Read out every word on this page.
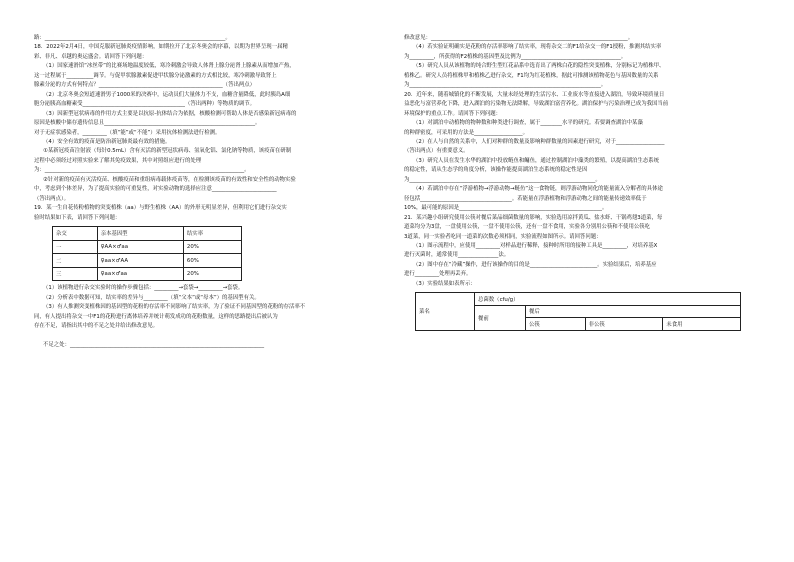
路：___________________________________________________________________。
18．2022年2月4日，中国克服新冠肺炎疫情影响，如期拉开了北京冬奥会的序幕，以期为世界呈现一届精
彩、非凡、卓越的奥运盛会。请回答下列问题：
（1）国家速滑馆“冰丝带”的比赛场地温度较低，寒冷刺激会导致人体肾上腺分泌肾上腺素从而增加产热，
这一过程属于__________调节。与促甲状腺激素促进甲状腺分泌激素的方式相比较，寒冷刺激导致肾上
腺素分泌的方式有何特点？______________________________________________（答出两点）
（2）北京冬奥会短道速滑男子1000米的决赛中，运动员们大量体力不支，血糖含量降低，此时胰岛A细
胞分泌胰高血糖素受______________________________________（答出两种）等物质的调节。
（3）因新型冠状病毒的作用方式主要是以抗原-抗体结合为依据，核酸检测可帮助人体是否感染新冠病毒的
原因是核酸中储存遗传信息且________________________________________________________。
对于无症状感染者，_________（填“能”或“不能”）采用抗体检测法进行检测。
（4）安全有效的疫苗是防治新冠肺炎最有效的措施。
①某新冠疫苗注射液（每针0.5mL）含有灭活的新型冠状病毒、氢氧化铝、氯化钠等物质，该疫苗在研制
过程中必须经过对照实验来了解其免疫效果，其中对照组应进行的处理
为：__________________________________________________________________________。
②针对新的疫苗有灭活疫苗、核酸疫苗和重组病毒载体疫苗等，在检测该疫苗的有效性和安全性的动物实验
中，考虑到个体差异，为了提高实验的可重复性，对实验动物的选择应注意________________________
（答出两点）。
19．某一生自花传粉植物的突变植株（aa）与野生植株（AA）的外形无明显差异，但利用它们进行杂交实
验时结果如下表，请回答下列问题：
杂交	亲本基因型	结实率
一	♀AA×♂aa	20%
二	♀aa×♂AA	60%
三	♀aa×♂aa	20%
（1）该植物进行杂交实验时的操作步骤包括：_________→套袋→_________→套袋。
（2）分析表中数据可知，结实率的差异与_________（填“父本”或“母本”）的基因型有关。
（3）有人推测突变植株因的基因型的花粉的存活率不同影响了结实率，为了验证不同基因型的花粉的存活率不
同，有人提出将杂交一中F1的花粉进行离体培养并统计萌发成功的花粉数量，这样的思路提出后被认为
存在不足，请指出其中的不足之处并给出修改意见。

不足之处：________________________________________________________________________
修改意见：_________________________________________________________________________。
（4）若实验证明确实是花粉的存活率影响了结实率，现将杂交二的F1给杂交一的F1授粉，推测其结实率
为_________，所获得的F2植株的基因型及比例为_____________________________________。
（5）研究人员从该植物的纯合野生型红花品系中选育出了两株白花的隐性突变植株，分别标记为植株甲、
植株乙。研究人员将植株甲和植株乙进行杂交，F1均为红花植株，据此可推测该植物花色与基因数量的关系
为_______________________________________________________________________。
20．近年来，随着城镇化的不断发展，大量未经处理的生活污水、工业废水等直接进入湖泊，导致环境质量日
益恶化与富营养化下降，进入湖泊的污染物无法降解，导致湖泊富营养化。湖泊保护与污染治理已成为我国当前
环境保护的重点工作。请回答下列问题：
（1）对湖泊中动植物的物种数和种类进行调查，属于________水平的研究。若要调查湖泊中某藻
的种群密度，可采用的方法是__________________。
（2）在人与自然的关系中，人们对种群的数量及影响种群数量的因素进行研究，对于__________________
（答出两点）有重要意义。
（3）研究人员在发生水华的湖泊中投放鲢鱼和鳙鱼，通过控制湖泊中藻类的繁殖，以提高湖泊生态系统
的稳定性，请从生态学的角度分析，该操作能提高湖泊生态系统的稳定性是因
为_____________________________________________________________________。
（4）若湖泊中存在“浮游植物→浮游动物→鲢鱼”这一食物链，则浮游动物同化的能量流入分解者的具体途
径包括__________________________________。若能量在浮游植物和浮游动物之间的能量传递效率低于
10%，最可能的原因是_____________________________________________________。
21．某兴趣小组研究使用公筷对餐后菜品细菌数量的影响，实验选用凉拌黄瓜、盐水虾、干锅鸡翅3道菜，每
道菜均分为3盘，一盘使用公筷，一盘不使用公筷，还有一盘不食用，实验各分别用公筷和不使用公筷吃
3道菜，同一实验者吃同一道菜的次数必须相同，实验流程如图所示。请回答问题：
（1）图示流程中，应使用_________对样品进行稀释，接种时所用的接种工具是_________，对培养基X
进行灭菌时，通常使用_______________法。
（2）图中存在“冷藏”操作，进行该操作的目的是_________________________。实验结果后，培养基应
进行_________处理再丢弃。
（3）实验结果如表所示：
菜名	总菌数（cfu/g）			
	餐前	餐后		
		公筷	非公筷	未食用
